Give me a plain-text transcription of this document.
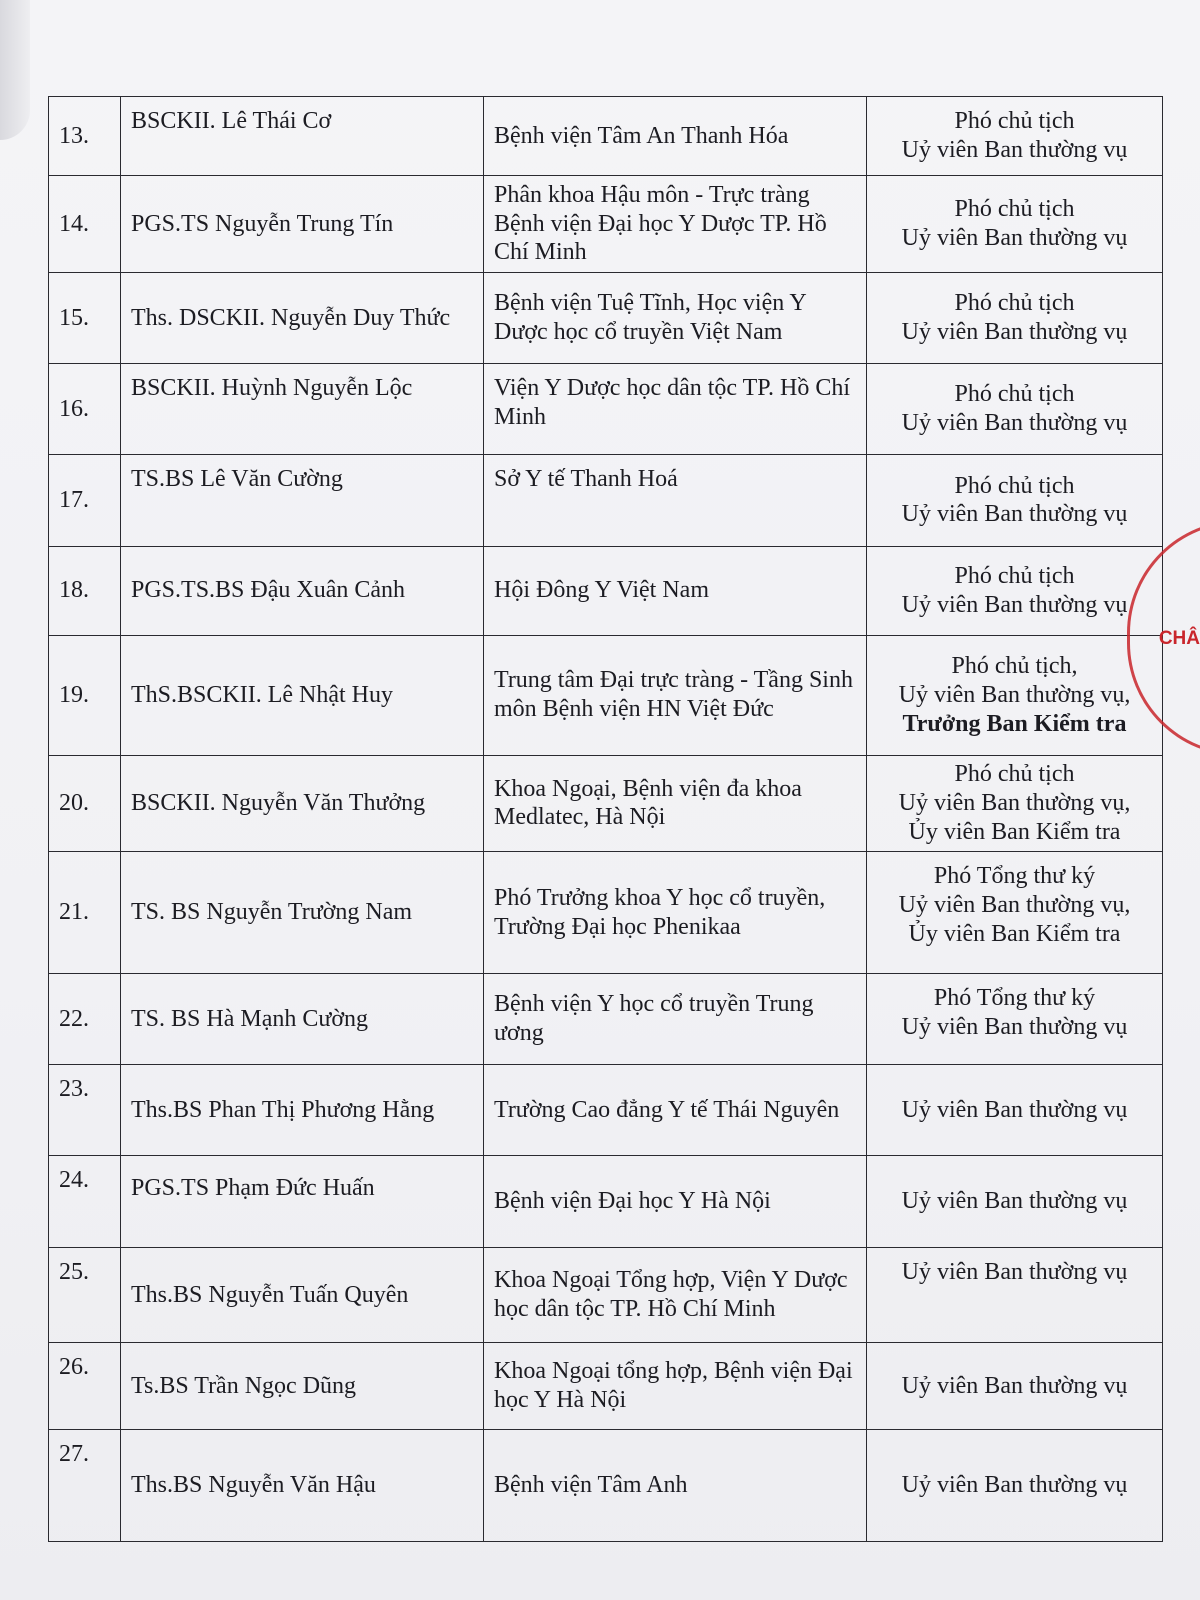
13.	BSCKII. Lê Thái Cơ	Bệnh viện Tâm An Thanh Hóa	Phó chủ tịch
Uỷ viên Ban thường vụ

14.	PGS.TS Nguyễn Trung Tín	Phân khoa Hậu môn - Trực tràng Bệnh viện Đại học Y Dược TP. Hồ Chí Minh	Phó chủ tịch
Uỷ viên Ban thường vụ

15.	Ths. DSCKII. Nguyễn Duy Thức	Bệnh viện Tuệ Tĩnh, Học viện Y Dược học cổ truyền Việt Nam	Phó chủ tịch
Uỷ viên Ban thường vụ

16.	BSCKII. Huỳnh Nguyễn Lộc	Viện Y Dược học dân tộc TP. Hồ Chí Minh	Phó chủ tịch
Uỷ viên Ban thường vụ

17.	TS.BS Lê Văn Cường	Sở Y tế Thanh Hoá	Phó chủ tịch
Uỷ viên Ban thường vụ

18.	PGS.TS.BS Đậu Xuân Cảnh	Hội Đông Y Việt Nam	Phó chủ tịch
Uỷ viên Ban thường vụ

19.	ThS.BSCKII. Lê Nhật Huy	Trung tâm Đại trực tràng - Tầng Sinh môn Bệnh viện HN Việt Đức	Phó chủ tịch,
Uỷ viên Ban thường vụ,
Trưởng Ban Kiểm tra

20.	BSCKII. Nguyễn Văn Thưởng	Khoa Ngoại, Bệnh viện đa khoa Medlatec, Hà Nội	Phó chủ tịch
Uỷ viên Ban thường vụ,
Ủy viên Ban Kiểm tra

21.	TS. BS Nguyễn Trường Nam	Phó Trưởng khoa Y học cổ truyền, Trường Đại học Phenikaa	Phó Tổng thư ký
Uỷ viên Ban thường vụ,
Ủy viên Ban Kiểm tra

22.	TS. BS Hà Mạnh Cường	Bệnh viện Y học cổ truyền Trung ương	Phó Tổng thư ký
Uỷ viên Ban thường vụ

23.	Ths.BS Phan Thị Phương Hằng	Trường Cao đẳng Y tế Thái Nguyên	Uỷ viên Ban thường vụ

24.	PGS.TS Phạm Đức Huấn	Bệnh viện Đại học Y Hà Nội	Uỷ viên Ban thường vụ

25.	Ths.BS Nguyễn Tuấn Quyên	Khoa Ngoại Tổng hợp, Viện Y Dược học dân tộc TP. Hồ Chí Minh	Uỷ viên Ban thường vụ

26.	Ts.BS Trần Ngọc Dũng	Khoa Ngoại tổng hợp, Bệnh viện Đại học Y Hà Nội	Uỷ viên Ban thường vụ

27.	Ths.BS Nguyễn Văn Hậu	Bệnh viện Tâm Anh	Uỷ viên Ban thường vụ
CHÂ
